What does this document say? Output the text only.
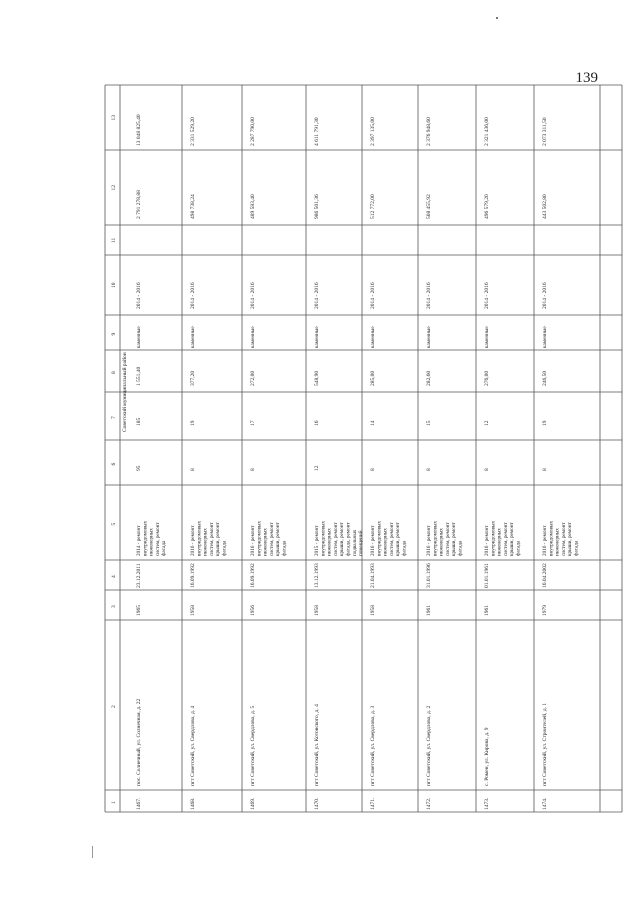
139
1
2
3
4
5
6
7
8
9
10
11
12
13
Советский муниципальный район
1467.
пос. Солнечный, ул. Солнечная, д. 22
1965
23.12.2011
2014 - ремонт внутридомовых инженерных систем, ремонт фасада
95
185
1 551,40
каменные
2014 - 2016
2 791 278,88
13 048 825,40
1468.
пгт Советский, ул. Свердлова, д. 4
1958
16.09.1992
2016 - ремонт внутридомовых инженерных систем, ремонт крыши, ремонт фасада
8
19
377,20
каменные
2014 - 2016
498 738,24
2 331 529,20
1469.
пгт Советский, ул. Свердлова, д. 5
1956
16.09.1992
2016 - ремонт внутридомовых инженерных систем, ремонт крыши, ремонт фасада
8
17
272,00
каменные
2014 - 2016
489 583,40
2 287 790,00
1470.
пгт Советский, ул. Котовского, д. 4
1958
13.12.1993
2015 - ремонт внутридомовых инженерных систем, ремонт крыши, ремонт фасада, ремонт подвальных помещений
12
16
548,90
каменные
2014 - 2016
986 501,36
4 611 791,30
1471.
пгт Советский, ул. Свердлова, д. 3
1958
21.04.1993
2016 - ремонт внутридомовых инженерных систем, ремонт крыши, ремонт фасада
8
14
285,00
каменные
2014 - 2016
512 772,00
2 397 135,00
1472.
пгт Советский, ул. Свердлова, д. 2
1961
31.01.1996
2016 - ремонт внутридомовых инженерных систем, ремонт крыши, ремонт фасада
8
15
282,60
каменные
2014 - 2016
508 455,92
2 376 948,60
1473.
с. Ромен, ул. Кирова, д. 9
1961
01.01.1961
2016 - ремонт внутридомовых инженерных систем, ремонт крыши, ремонт фасада
8
12
276,00
каменные
2014 - 2016
496 579,20
2 321 436,00
1474.
пгт Советский, ул. Строителей, д. 1
1979
16.04.2002
2016 - ремонт внутридомовых инженерных систем, ремонт крыши, ремонт фасада
8
19
246,50
каменные
2014 - 2016
443 502,80
2 073 311,50
